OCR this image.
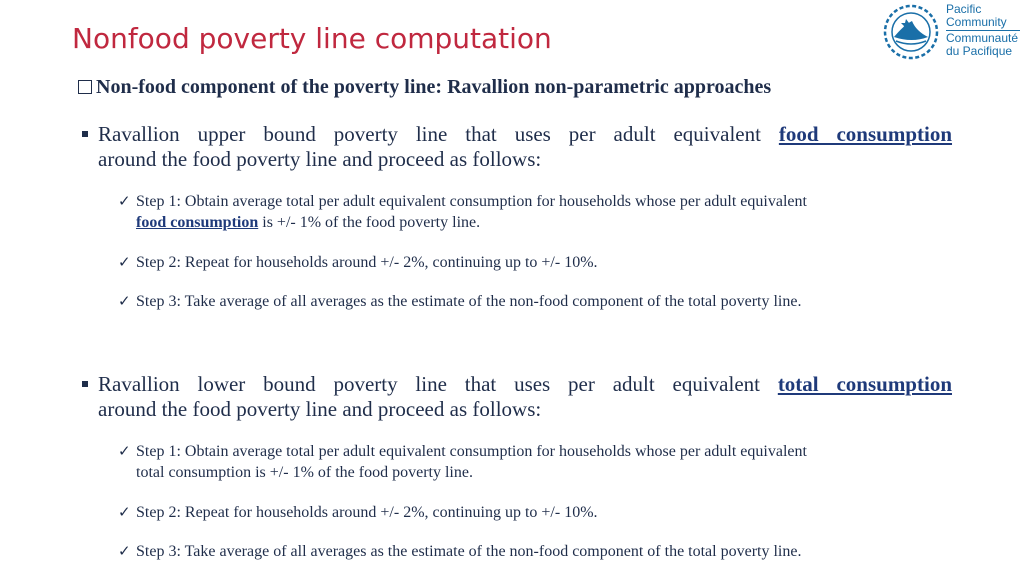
Nonfood poverty line computation
Pacific
Community
Communauté
du Pacifique
Non-food component of the poverty line: Ravallion non-parametric approaches
Ravallion upper bound poverty line that uses per adult equivalent food consumption
around the food poverty line and proceed as follows:
✓ Step 1: Obtain average total per adult equivalent consumption for households whose per adult equivalent
food consumption is +/- 1% of the food poverty line.
✓ Step 2: Repeat for households around +/- 2%, continuing up to +/- 10%.
✓ Step 3: Take average of all averages as the estimate of the non-food component of the total poverty line.
Ravallion lower bound poverty line that uses per adult equivalent total consumption
around the food poverty line and proceed as follows:
✓ Step 1: Obtain average total per adult equivalent consumption for households whose per adult equivalent
total consumption is +/- 1% of the food poverty line.
✓ Step 2: Repeat for households around +/- 2%, continuing up to +/- 10%.
✓ Step 3: Take average of all averages as the estimate of the non-food component of the total poverty line.
